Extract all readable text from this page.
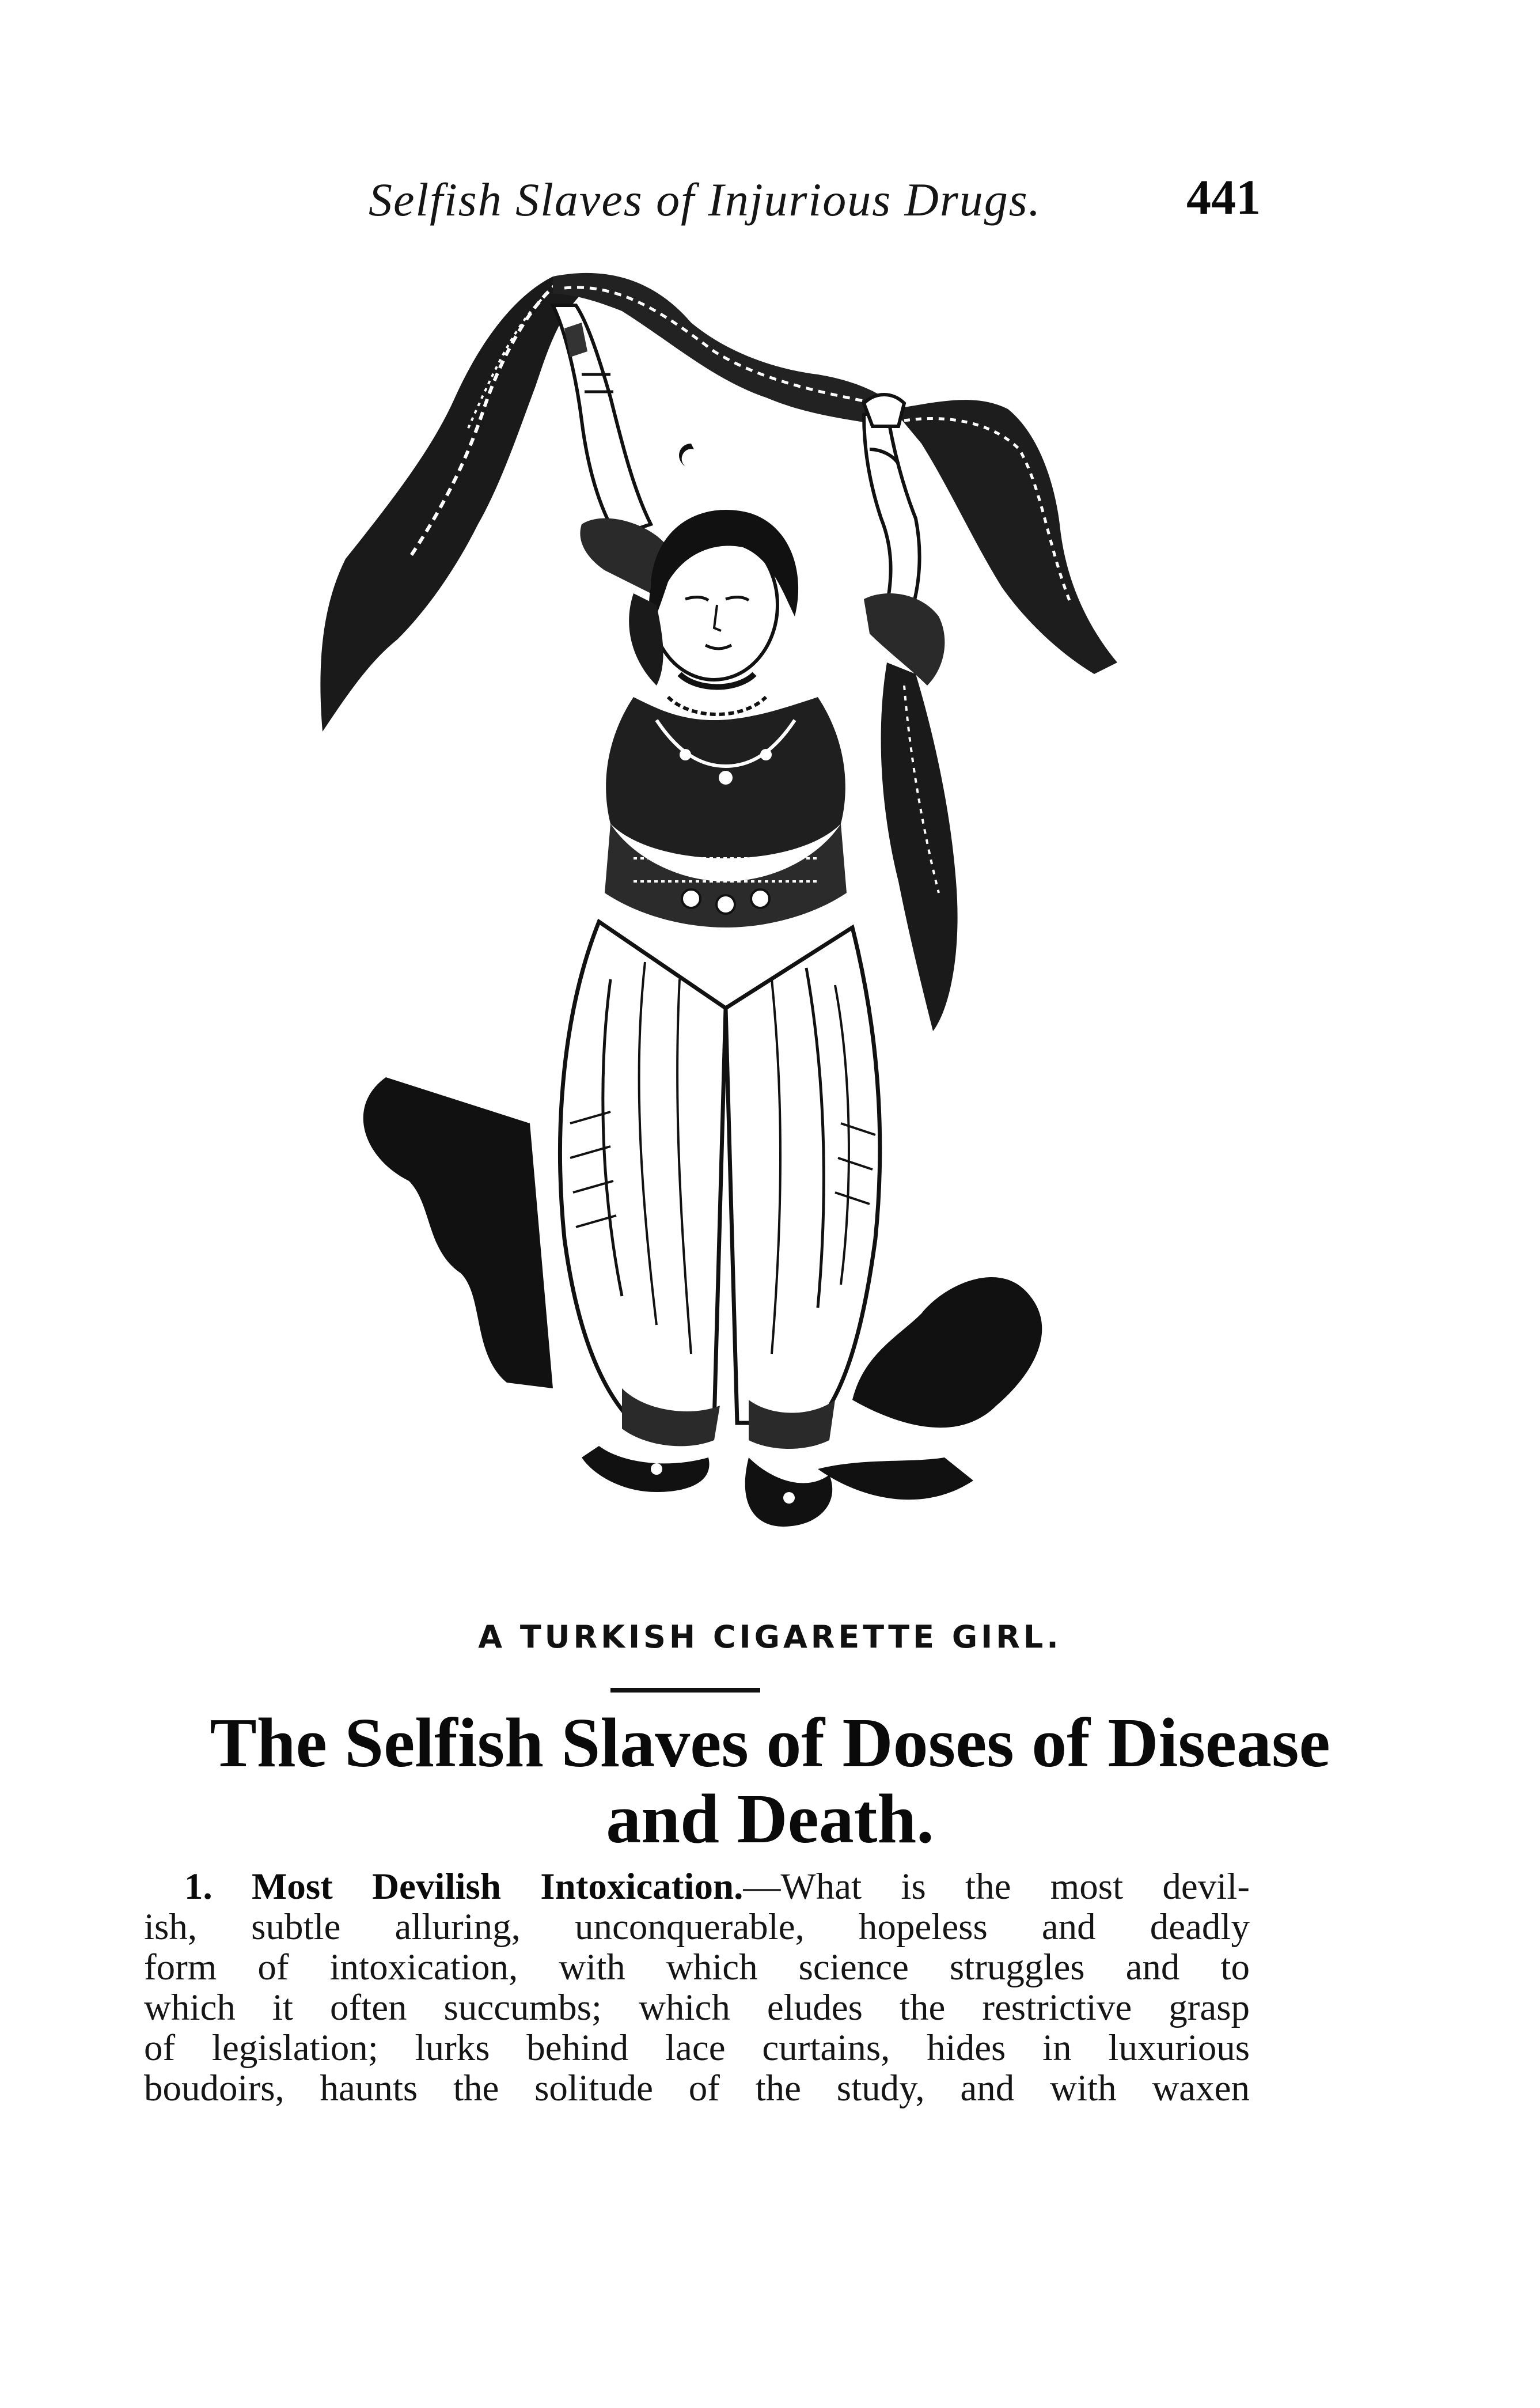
Selfish Slaves of Injurious Drugs.	441
A TURKISH CIGARETTE GIRL.
The Selfish Slaves of Doses of Disease
and Death.
1. Most Devilish Intoxication.—What is the most devil-
ish, subtle alluring, unconquerable, hopeless and deadly
form of intoxication, with which science struggles and to
which it often succumbs; which eludes the restrictive grasp
of legislation; lurks behind lace curtains, hides in luxurious
boudoirs, haunts the solitude of the study, and with waxen
